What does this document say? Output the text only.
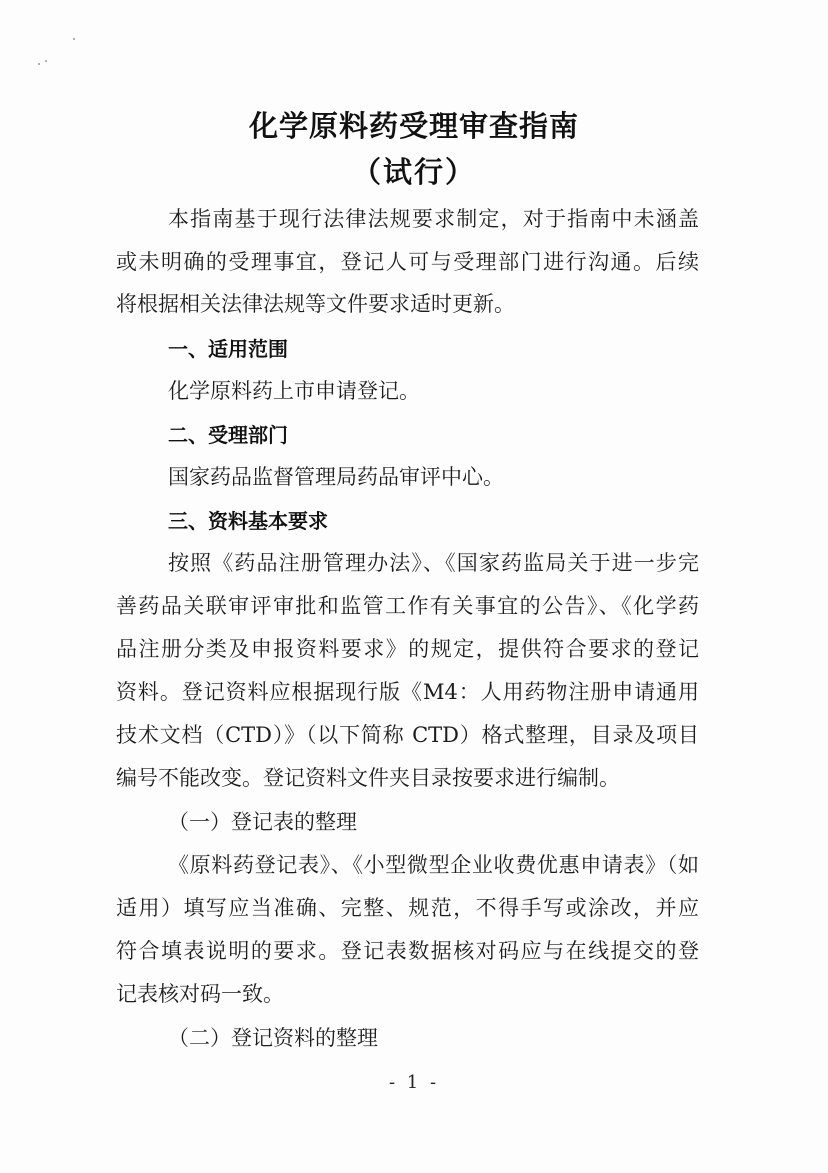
化学原料药受理审查指南
（试行）
本指南基于现行法律法规要求制定，对于指南中未涵盖
或未明确的受理事宜，登记人可与受理部门进行沟通。后续
将根据相关法律法规等文件要求适时更新。
一、适用范围
化学原料药上市申请登记。
二、受理部门
国家药品监督管理局药品审评中心。
三、资料基本要求
按照《药品注册管理办法》、《国家药监局关于进一步完
善药品关联审评审批和监管工作有关事宜的公告》、《化学药
品注册分类及申报资料要求》的规定，提供符合要求的登记
资料。登记资料应根据现行版《M4：人用药物注册申请通用
技术文档（CTD）》（以下简称 CTD）格式整理，目录及项目
编号不能改变。登记资料文件夹目录按要求进行编制。
（一）登记表的整理
《原料药登记表》、《小型微型企业收费优惠申请表》（如
适用）填写应当准确、完整、规范，不得手写或涂改，并应
符合填表说明的要求。登记表数据核对码应与在线提交的登
记表核对码一致。
（二）登记资料的整理
- 1 -
